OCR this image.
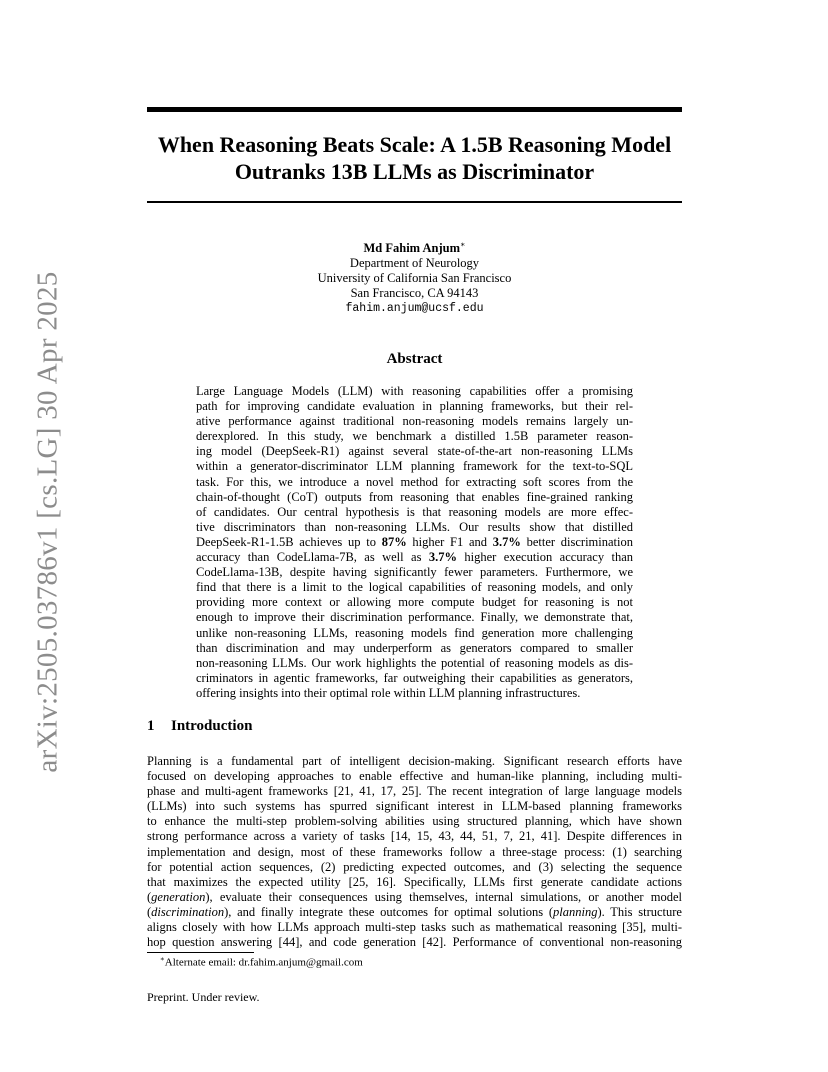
arXiv:2505.03786v1 [cs.LG] 30 Apr 2025
When Reasoning Beats Scale: A 1.5B Reasoning Model
Outranks 13B LLMs as Discriminator
Md Fahim Anjum∗
Department of Neurology
University of California San Francisco
San Francisco, CA 94143
fahim.anjum@ucsf.edu
Abstract
Large Language Models (LLM) with reasoning capabilities offer a promising
path for improving candidate evaluation in planning frameworks, but their rel-
ative performance against traditional non-reasoning models remains largely un-
derexplored. In this study, we benchmark a distilled 1.5B parameter reason-
ing model (DeepSeek-R1) against several state-of-the-art non-reasoning LLMs
within a generator-discriminator LLM planning framework for the text-to-SQL
task. For this, we introduce a novel method for extracting soft scores from the
chain-of-thought (CoT) outputs from reasoning that enables fine-grained ranking
of candidates. Our central hypothesis is that reasoning models are more effec-
tive discriminators than non-reasoning LLMs. Our results show that distilled
DeepSeek-R1-1.5B achieves up to 87% higher F1 and 3.7% better discrimination
accuracy than CodeLlama-7B, as well as 3.7% higher execution accuracy than
CodeLlama-13B, despite having significantly fewer parameters. Furthermore, we
find that there is a limit to the logical capabilities of reasoning models, and only
providing more context or allowing more compute budget for reasoning is not
enough to improve their discrimination performance. Finally, we demonstrate that,
unlike non-reasoning LLMs, reasoning models find generation more challenging
than discrimination and may underperform as generators compared to smaller
non-reasoning LLMs. Our work highlights the potential of reasoning models as dis-
criminators in agentic frameworks, far outweighing their capabilities as generators,
offering insights into their optimal role within LLM planning infrastructures.
1 Introduction
Planning is a fundamental part of intelligent decision-making. Significant research efforts have
focused on developing approaches to enable effective and human-like planning, including multi-
phase and multi-agent frameworks [21, 41, 17, 25]. The recent integration of large language models
(LLMs) into such systems has spurred significant interest in LLM-based planning frameworks
to enhance the multi-step problem-solving abilities using structured planning, which have shown
strong performance across a variety of tasks [14, 15, 43, 44, 51, 7, 21, 41]. Despite differences in
implementation and design, most of these frameworks follow a three-stage process: (1) searching
for potential action sequences, (2) predicting expected outcomes, and (3) selecting the sequence
that maximizes the expected utility [25, 16]. Specifically, LLMs first generate candidate actions
(generation), evaluate their consequences using themselves, internal simulations, or another model
(discrimination), and finally integrate these outcomes for optimal solutions (planning). This structure
aligns closely with how LLMs approach multi-step tasks such as mathematical reasoning [35], multi-
hop question answering [44], and code generation [42]. Performance of conventional non-reasoning
∗Alternate email: dr.fahim.anjum@gmail.com
Preprint. Under review.
